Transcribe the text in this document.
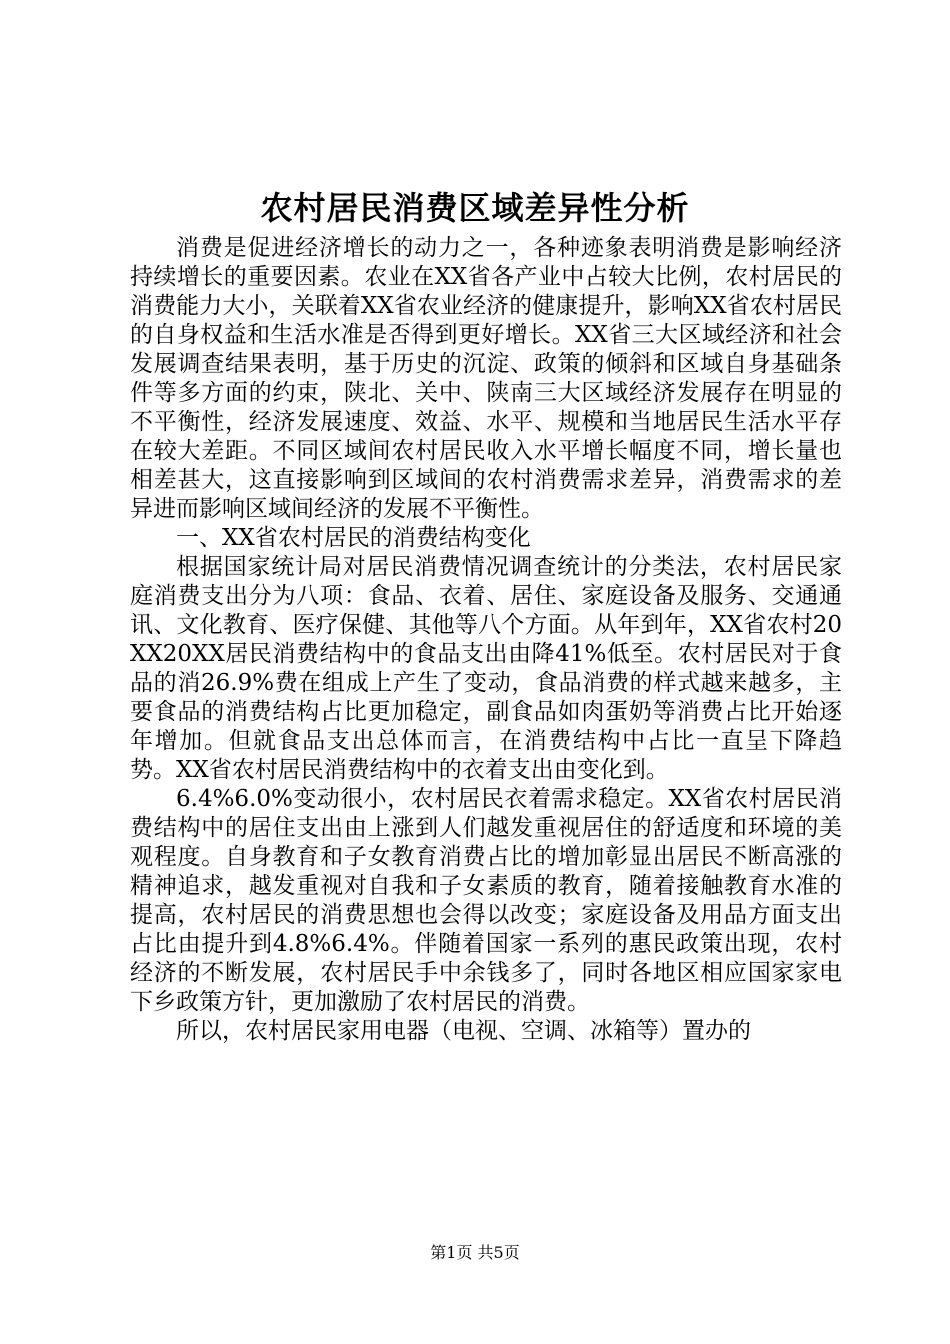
农村居民消费区域差异性分析

消费是促进经济增长的动力之一，各种迹象表明消费是影响经济持续增长的重要因素。农业在XX省各产业中占较大比例，农村居民的消费能力大小，关联着XX省农业经济的健康提升，影响XX省农村居民的自身权益和生活水准是否得到更好增长。XX省三大区域经济和社会发展调查结果表明，基于历史的沉淀、政策的倾斜和区域自身基础条件等多方面的约束，陕北、关中、陕南三大区域经济发展存在明显的不平衡性，经济发展速度、效益、水平、规模和当地居民生活水平存在较大差距。不同区域间农村居民收入水平增长幅度不同，增长量也相差甚大，这直接影响到区域间的农村消费需求差异，消费需求的差异进而影响区域间经济的发展不平衡性。

一、XX省农村居民的消费结构变化

根据国家统计局对居民消费情况调查统计的分类法，农村居民家庭消费支出分为八项：食品、衣着、居住、家庭设备及服务、交通通讯、文化教育、医疗保健、其他等八个方面。从年到年，XX省农村20XX20XX居民消费结构中的食品支出由降41%低至。农村居民对于食品的消26.9%费在组成上产生了变动，食品消费的样式越来越多，主要食品的消费结构占比更加稳定，副食品如肉蛋奶等消费占比开始逐年增加。但就食品支出总体而言，在消费结构中占比一直呈下降趋势。XX省农村居民消费结构中的衣着支出由变化到。

6.4%6.0%变动很小，农村居民衣着需求稳定。XX省农村居民消费结构中的居住支出由上涨到人们越发重视居住的舒适度和环境的美观程度。自身教育和子女教育消费占比的增加彰显出居民不断高涨的精神追求，越发重视对自我和子女素质的教育，随着接触教育水准的提高，农村居民的消费思想也会得以改变；家庭设备及用品方面支出占比由提升到4.8%6.4%。伴随着国家一系列的惠民政策出现，农村经济的不断发展，农村居民手中余钱多了，同时各地区相应国家家电下乡政策方针，更加激励了农村居民的消费。

所以，农村居民家用电器（电视、空调、冰箱等）置办的

第1页 共5页
